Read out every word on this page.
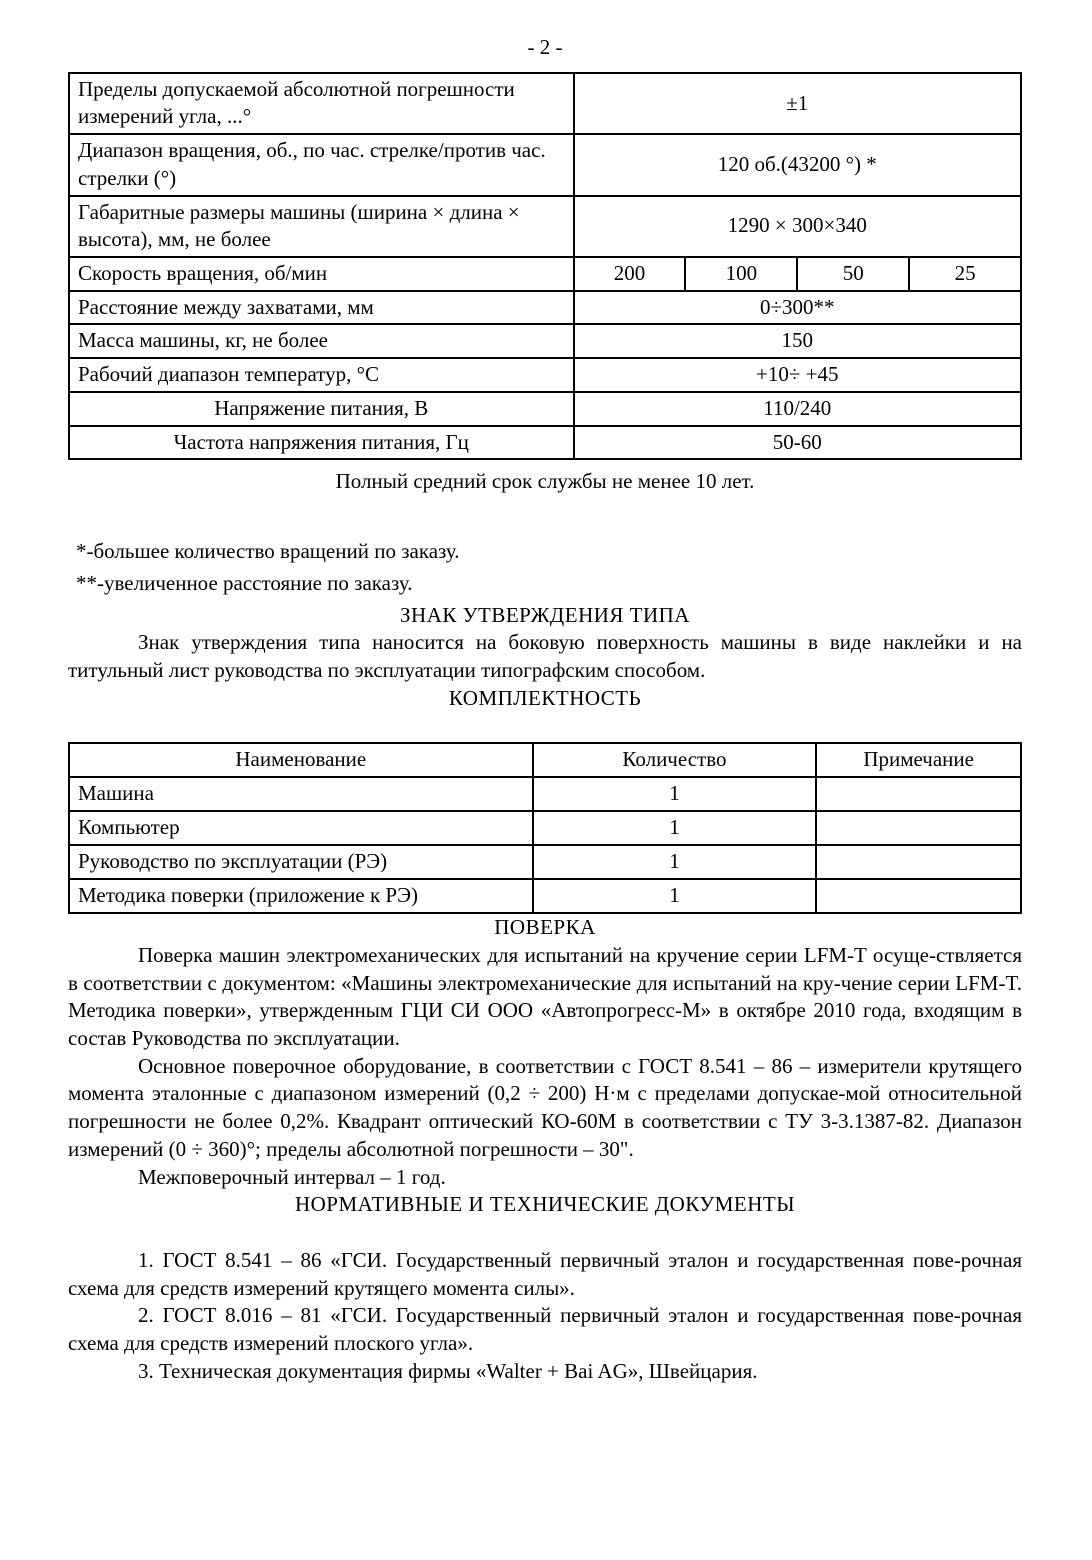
- 2 -
Пределы допускаемой абсолютной погрешности измерений угла, ...°	±1			
Диапазон вращения, об., по час. стрелке/против час. стрелки (°)	120 об.(43200 °) *			
Габаритные размеры машины (ширина × длина × высота), мм, не более	1290 × 300×340			
Скорость вращения, об/мин	200	100	50	25
Расстояние между захватами, мм	0÷300**			
Масса машины, кг, не более	150			
Рабочий диапазон температур, °С	+10÷ +45			
Напряжение питания, В	110/240			
Частота напряжения питания, Гц	50-60			
Полный средний срок службы не менее 10 лет.
*-большее количество вращений по заказу.
**-увеличенное расстояние по заказу.
ЗНАК УТВЕРЖДЕНИЯ ТИПА

Знак утверждения типа наносится на боковую поверхность машины в виде наклейки и на титульный лист руководства по эксплуатации типографским способом.

КОМПЛЕКТНОСТЬ
Наименование	Количество	Примечание
Машина	1	
Компьютер	1	
Руководство по эксплуатации (РЭ)	1	
Методика поверки (приложение к РЭ)	1	
ПОВЕРКА

Поверка машин электромеханических для испытаний на кручение серии LFM-T осуще-ствляется в соответствии с документом: «Машины электромеханические для испытаний на кру-чение серии LFM-T. Методика поверки», утвержденным ГЦИ СИ ООО «Автопрогресс-М» в октябре 2010 года, входящим в состав Руководства по эксплуатации.

Основное поверочное оборудование, в соответствии с ГОСТ 8.541 – 86 – измерители крутящего момента эталонные с диапазоном измерений (0,2 ÷ 200) Н·м с пределами допускае-мой относительной погрешности не более 0,2%. Квадрант оптический КО-60М в соответствии с ТУ 3-3.1387-82. Диапазон измерений (0 ÷ 360)°; пределы абсолютной погрешности – 30".

Межповерочный интервал – 1 год.

НОРМАТИВНЫЕ И ТЕХНИЧЕСКИЕ ДОКУМЕНТЫ

1. ГОСТ 8.541 – 86 «ГСИ. Государственный первичный эталон и государственная пове-рочная схема для средств измерений крутящего момента силы».

2. ГОСТ 8.016 – 81 «ГСИ. Государственный первичный эталон и государственная пове-рочная схема для средств измерений плоского угла».

3. Техническая документация фирмы «Walter + Bai AG», Швейцария.
